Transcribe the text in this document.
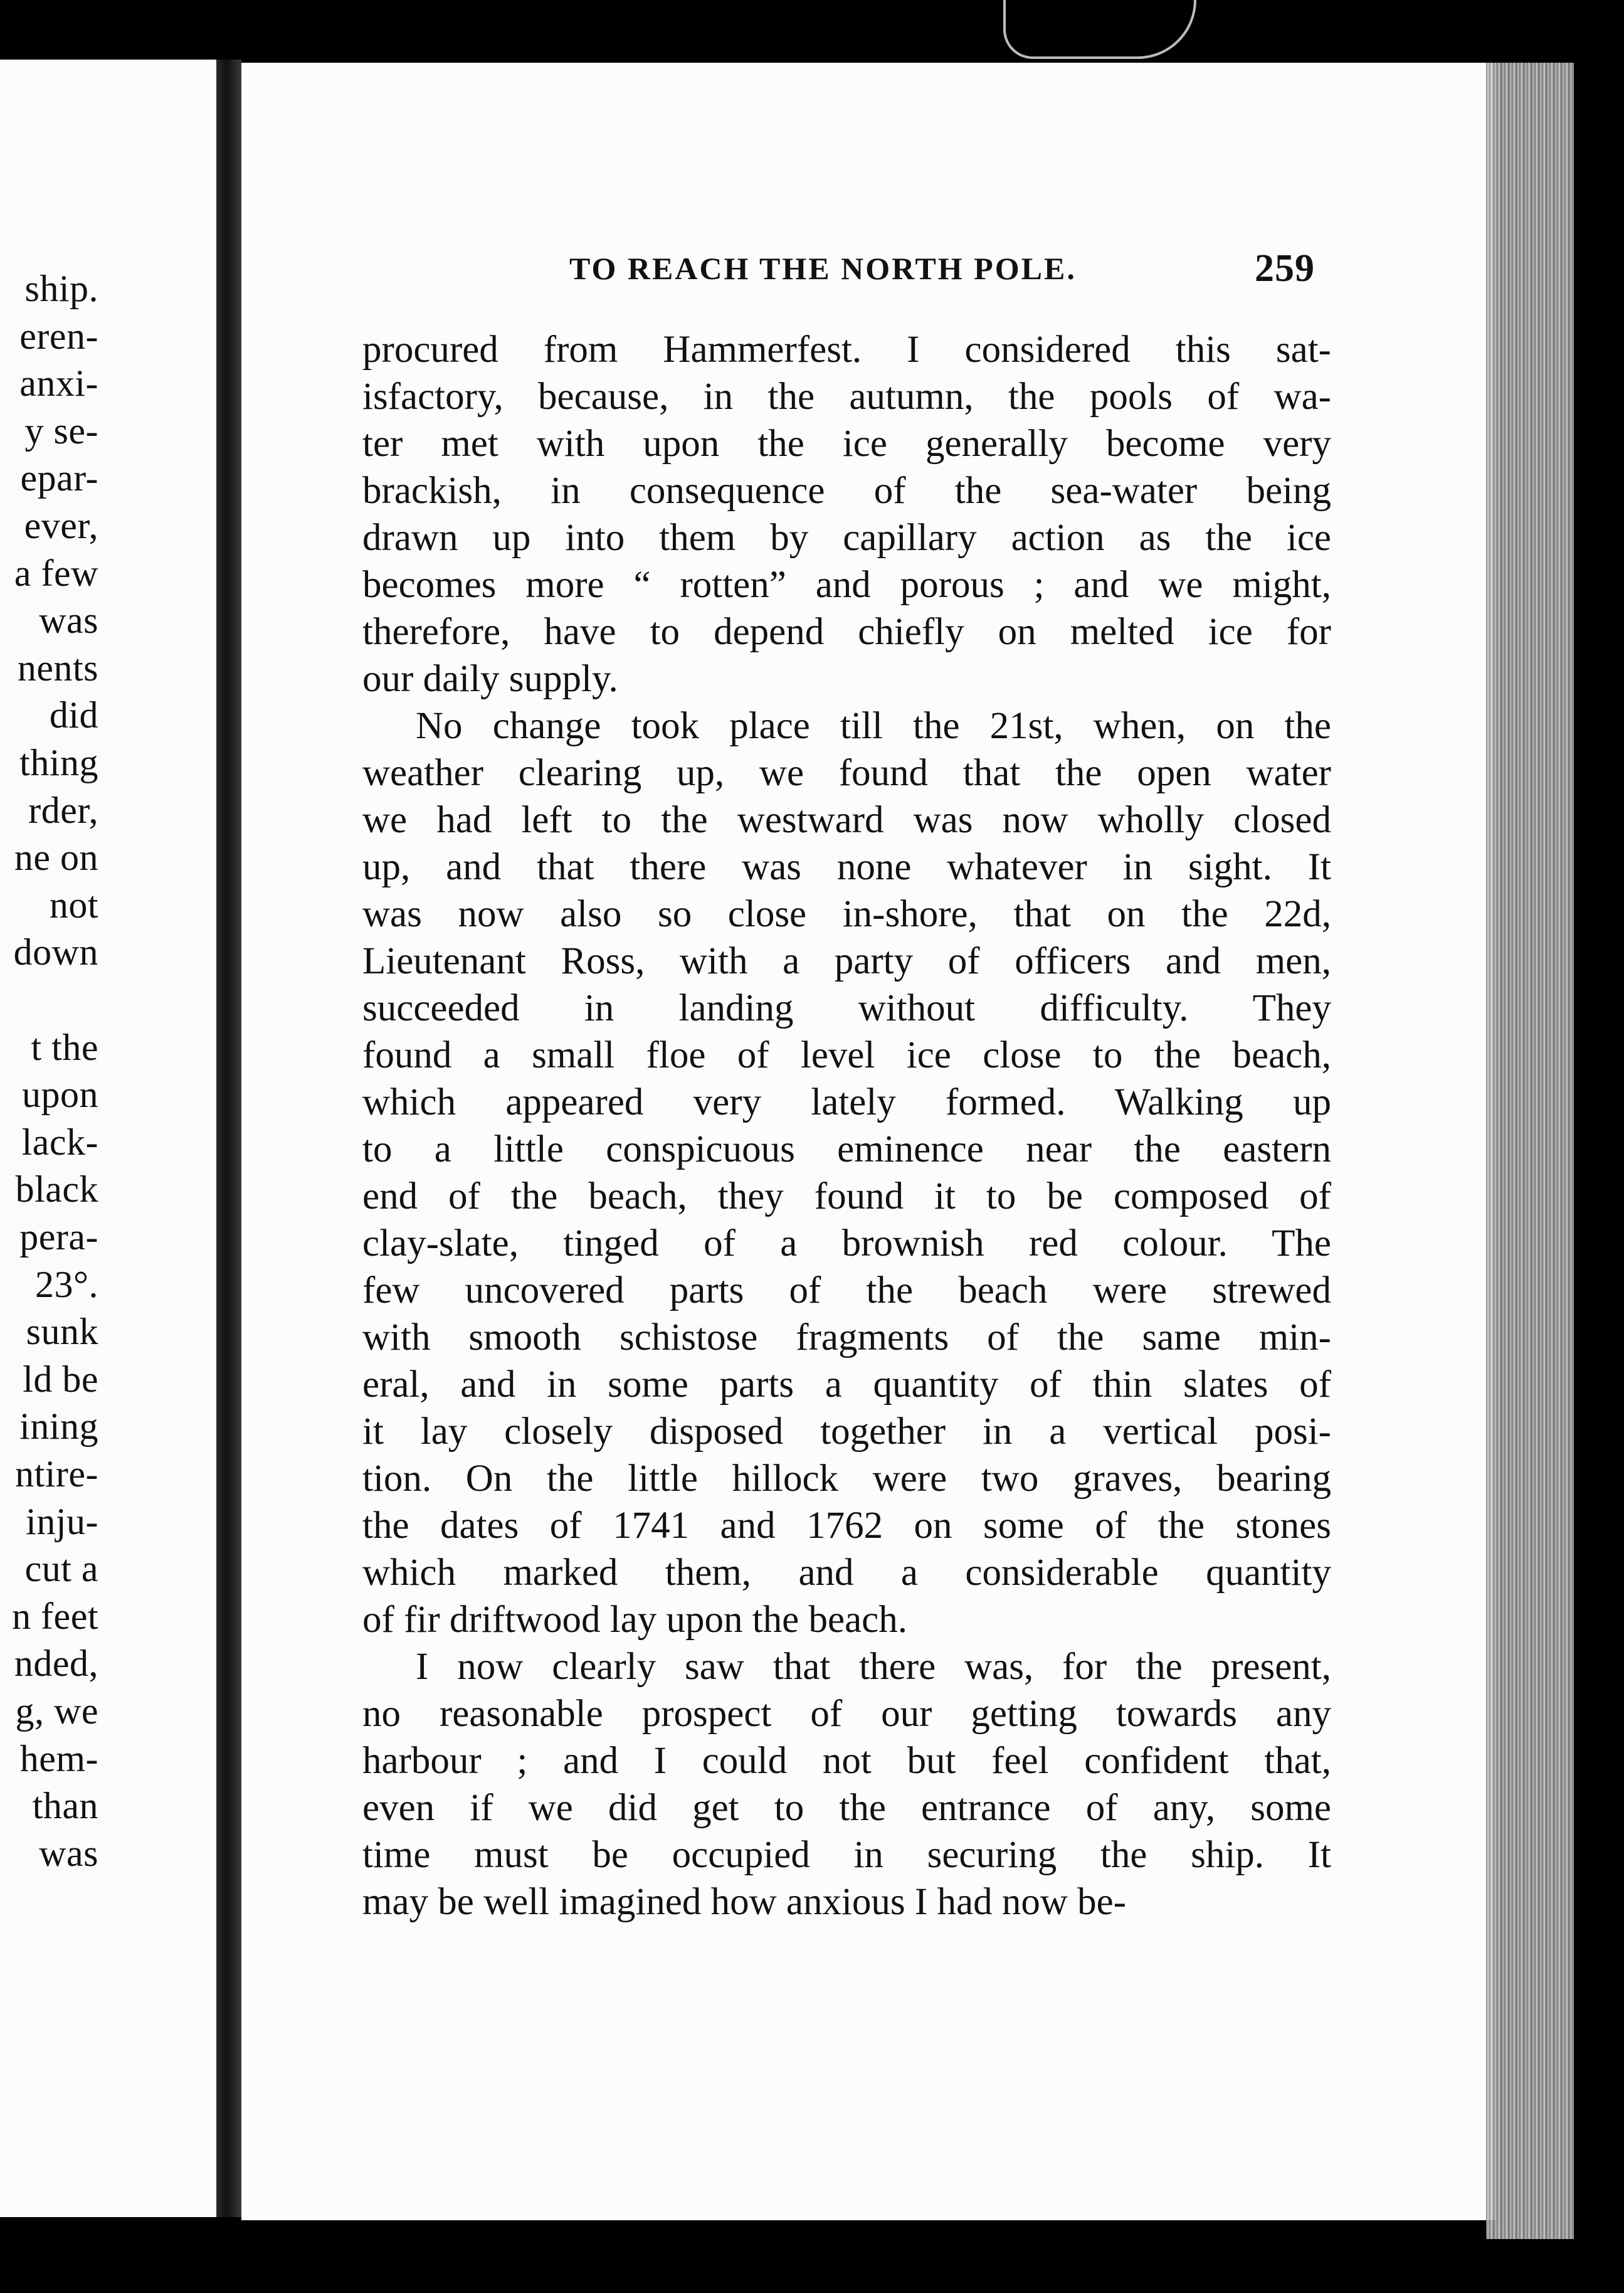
ship.
eren-
anxi-
y se-
epar-
ever,
a few
was
nents
did
thing
rder,
ne on
not
down
t the
upon
lack-
black
pera-
23°.
sunk
ld be
ining
ntire-
inju-
cut a
n feet
nded,
g, we
hem-
than
was
TO REACH THE NORTH POLE.	259
procured from Hammerfest. I considered this sat-
isfactory, because, in the autumn, the pools of wa-
ter met with upon the ice generally become very
brackish, in consequence of the sea-water being
drawn up into them by capillary action as the ice
becomes more “ rotten” and porous ; and we might,
therefore, have to depend chiefly on melted ice for
our daily supply.
No change took place till the 21st, when, on the
weather clearing up, we found that the open water
we had left to the westward was now wholly closed
up, and that there was none whatever in sight. It
was now also so close in-shore, that on the 22d,
Lieutenant Ross, with a party of officers and men,
succeeded in landing without difficulty. They
found a small floe of level ice close to the beach,
which appeared very lately formed. Walking up
to a little conspicuous eminence near the eastern
end of the beach, they found it to be composed of
clay-slate, tinged of a brownish red colour. The
few uncovered parts of the beach were strewed
with smooth schistose fragments of the same min-
eral, and in some parts a quantity of thin slates of
it lay closely disposed together in a vertical posi-
tion. On the little hillock were two graves, bearing
the dates of 1741 and 1762 on some of the stones
which marked them, and a considerable quantity
of fir driftwood lay upon the beach.
I now clearly saw that there was, for the present,
no reasonable prospect of our getting towards any
harbour ; and I could not but feel confident that,
even if we did get to the entrance of any, some
time must be occupied in securing the ship. It
may be well imagined how anxious I had now be-
